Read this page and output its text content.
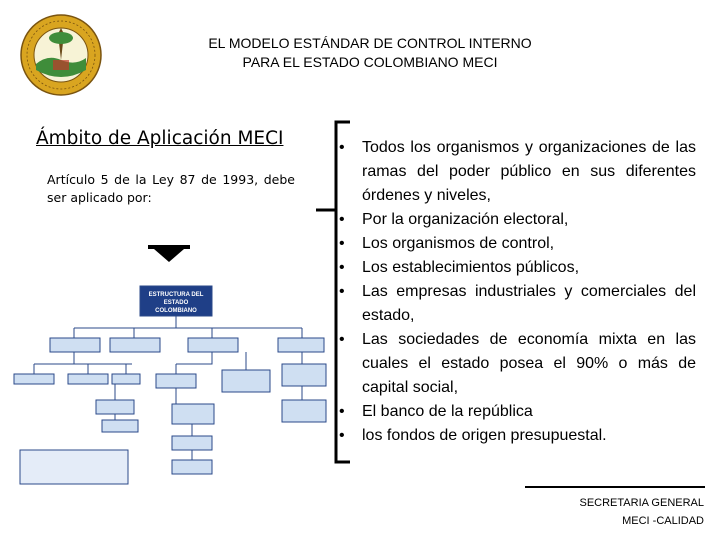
EL MODELO ESTÁNDAR DE CONTROL INTERNO
PARA EL ESTADO COLOMBIANO MECI
Ámbito de Aplicación MECI
Artículo 5 de la Ley 87 de 1993, debe ser aplicado por:
ESTRUCTURA DEL
ESTADO
COLOMBIANO
• Todos los organismos y organizaciones de las ramas del poder público en sus diferentes órdenes y niveles,
• Por la organización electoral,
• Los organismos de control,
• Los establecimientos públicos,
• Las empresas industriales y comerciales del estado,
• Las sociedades de economía mixta en las cuales el estado posea el 90% o más de capital social,
• El banco de la república
• los fondos de origen presupuestal.
SECRETARIA GENERAL
MECI -CALIDAD
